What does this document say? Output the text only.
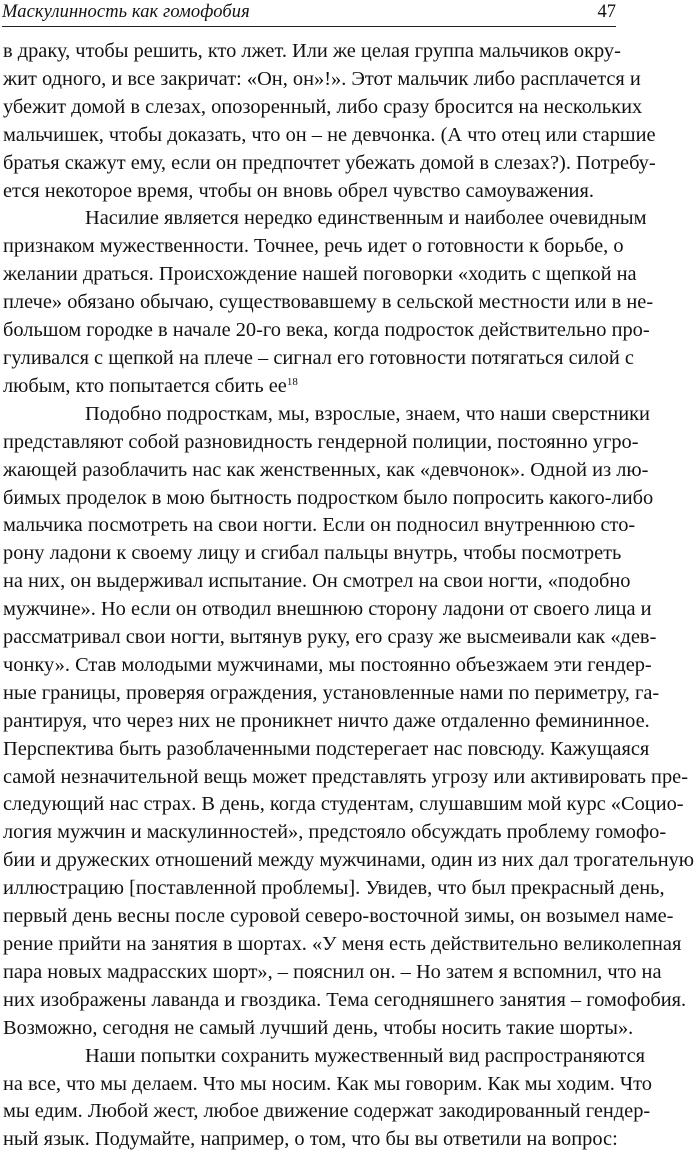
Маскулинность как гомофобия	47
в драку, чтобы решить, кто лжет. Или же целая группа мальчиков окру-
жит одного, и все закричат: «Он, он»!». Этот мальчик либо расплачется и
убежит домой в слезах, опозоренный, либо сразу бросится на нескольких
мальчишек, чтобы доказать, что он – не девчонка. (А что отец или старшие
братья скажут ему, если он предпочтет убежать домой в слезах?). Потребу-
ется некоторое время, чтобы он вновь обрел чувство самоуважения.
Насилие является нередко единственным и наиболее очевидным
признаком мужественности. Точнее, речь идет о готовности к борьбе, о
желании драться. Происхождение нашей поговорки «ходить с щепкой на
плече» обязано обычаю, существовавшему в сельской местности или в не-
большом городке в начале 20-го века, когда подросток действительно про-
гуливался с щепкой на плече – сигнал его готовности потягаться силой с
любым, кто попытается сбить $ее^{18}$
Подобно подросткам, мы, взрослые, знаем, что наши сверстники
представляют собой разновидность гендерной полиции, постоянно угро-
жающей разоблачить нас как женственных, как «девчонок». Одной из лю-
бимых проделок в мою бытность подростком было попросить какого-либо
мальчика посмотреть на свои ногти. Если он подносил внутреннюю сто-
рону ладони к своему лицу и сгибал пальцы внутрь, чтобы посмотреть
на них, он выдерживал испытание. Он смотрел на свои ногти, «подобно
мужчине». Но если он отводил внешнюю сторону ладони от своего лица и
рассматривал свои ногти, вытянув руку, его сразу же высмеивали как «дев-
чонку». Став молодыми мужчинами, мы постоянно объезжаем эти гендер-
ные границы, проверяя ограждения, установленные нами по периметру, га-
рантируя, что через них не проникнет ничто даже отдаленно фемининное.
Перспектива быть разоблаченными подстерегает нас повсюду. Кажущаяся
самой незначительной вещь может представлять угрозу или активировать пре-
следующий нас страх. В день, когда студентам, слушавшим мой курс «Социо-
логия мужчин и маскулинностей», предстояло обсуждать проблему гомофо-
бии и дружеских отношений между мужчинами, один из них дал трогательную
иллюстрацию [поставленной проблемы]. Увидев, что был прекрасный день,
первый день весны после суровой северо-восточной зимы, он возымел наме-
рение прийти на занятия в шортах. «У меня есть действительно великолепная
пара новых мадрасских шорт», – пояснил он. – Но затем я вспомнил, что на
них изображены лаванда и гвоздика. Тема сегодняшнего занятия – гомофобия.
Возможно, сегодня не самый лучший день, чтобы носить такие шорты».
Наши попытки сохранить мужественный вид распространяются
на все, что мы делаем. Что мы носим. Как мы говорим. Как мы ходим. Что
мы едим. Любой жест, любое движение содержат закодированный гендер-
ный язык. Подумайте, например, о том, что бы вы ответили на вопрос:
